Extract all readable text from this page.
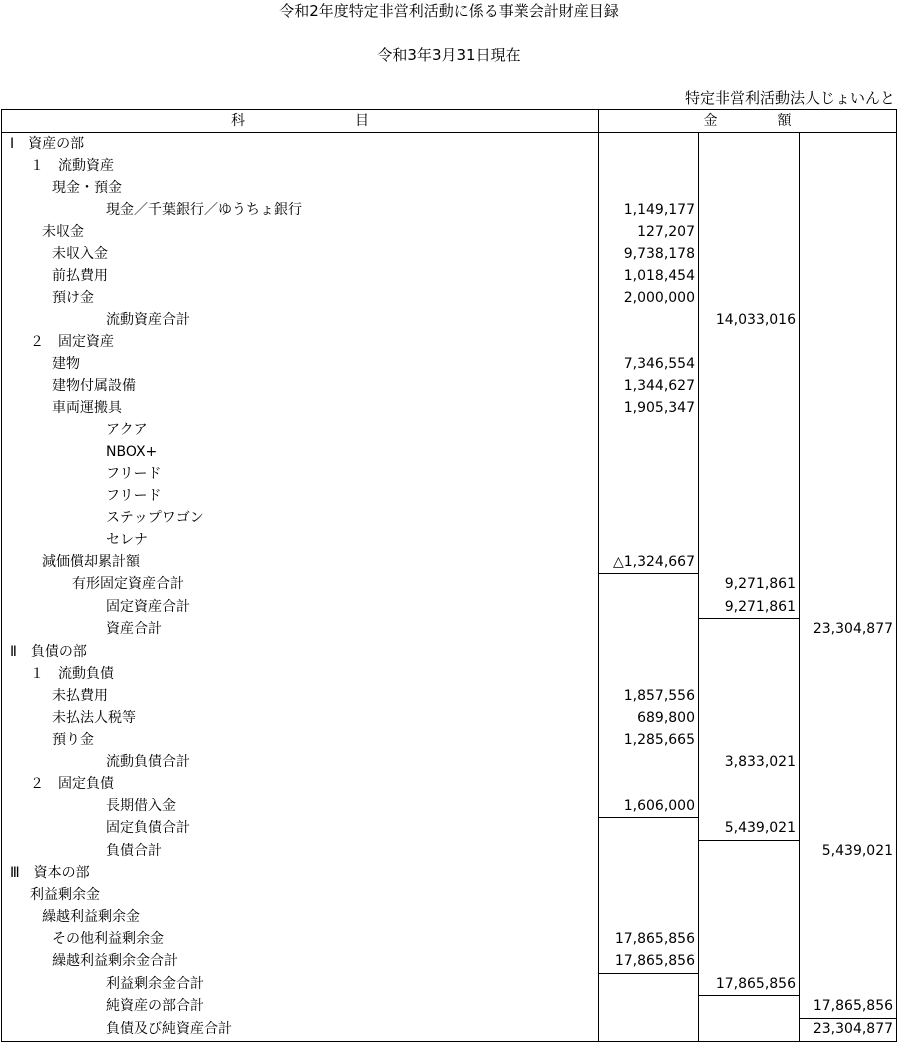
令和2年度特定非営利活動に係る事業会計財産目録
令和3年3月31日現在
特定非営利活動法人じょいんと
科 目	金 額		
Ⅰ　資産の部			
１　流動資産			
現金・預金			
現金／千葉銀行／ゆうちょ銀行	1,149,177		
未収金	127,207		
未収入金	9,738,178		
前払費用	1,018,454		
預け金	2,000,000		
流動資産合計		14,033,016	
２　固定資産			
建物	7,346,554		
建物付属設備	1,344,627		
車両運搬具	1,905,347		
アクア			
NBOX+			
フリード			
フリード			
ステップワゴン			
セレナ			
減価償却累計額	△1,324,667		
有形固定資産合計		9,271,861	
固定資産合計		9,271,861	
資産合計			23,304,877
Ⅱ　負債の部			
１　流動負債			
未払費用	1,857,556		
未払法人税等	689,800		
預り金	1,285,665		
流動負債合計		3,833,021	
２　固定負債			
長期借入金	1,606,000		
固定負債合計		5,439,021	
負債合計			5,439,021
Ⅲ　資本の部			
利益剰余金			
繰越利益剰余金			
その他利益剰余金	17,865,856		
繰越利益剰余金合計	17,865,856		
利益剰余金合計		17,865,856	
純資産の部合計			17,865,856
負債及び純資産合計			23,304,877
